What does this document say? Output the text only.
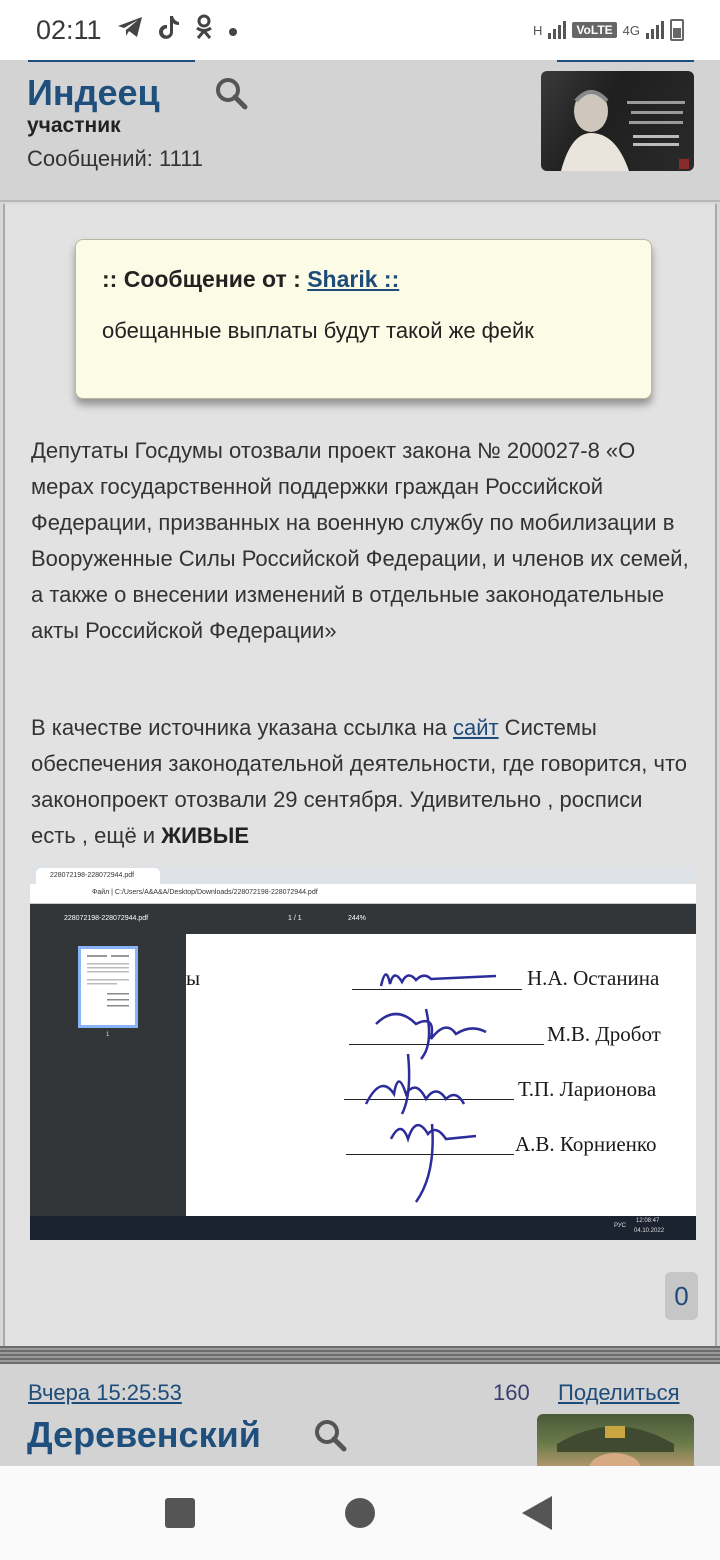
02:11	H	VoLTE 4G
Индеец
участник
Сообщений: 1111
:: Сообщение от : Sharik ::
обещанные выплаты будут такой же фейк
Депутаты Госдумы отозвали проект закона № 200027-8 «О мерах государственной поддержки граждан Российской Федерации, призванных на военную службу по мобилизации в Вооруженные Силы Российской Федерации, и членов их семей, а также о внесении изменений в отдельные законодательные акты Российской Федерации»
В качестве источника указана ссылка на сайт Системы обеспечения законодательной деятельности, где говорится, что законопроект отозвали 29 сентября. Удивительно , росписи есть , ещё и ЖИВЫЕ
228072198-228072944.pdf
Файл | C:/Users/A&A&A/Desktop/Downloads/228072198-228072944.pdf
228072198-228072944.pdf	1 / 1	244%
1
ы	Н.А. Останина
М.В. Дробот
Т.П. Ларионова
А.В. Корниенко
РУС
12:08:47
04.10.2022
0
Вчера 15:25:53	160 Поделиться
Деревенский
